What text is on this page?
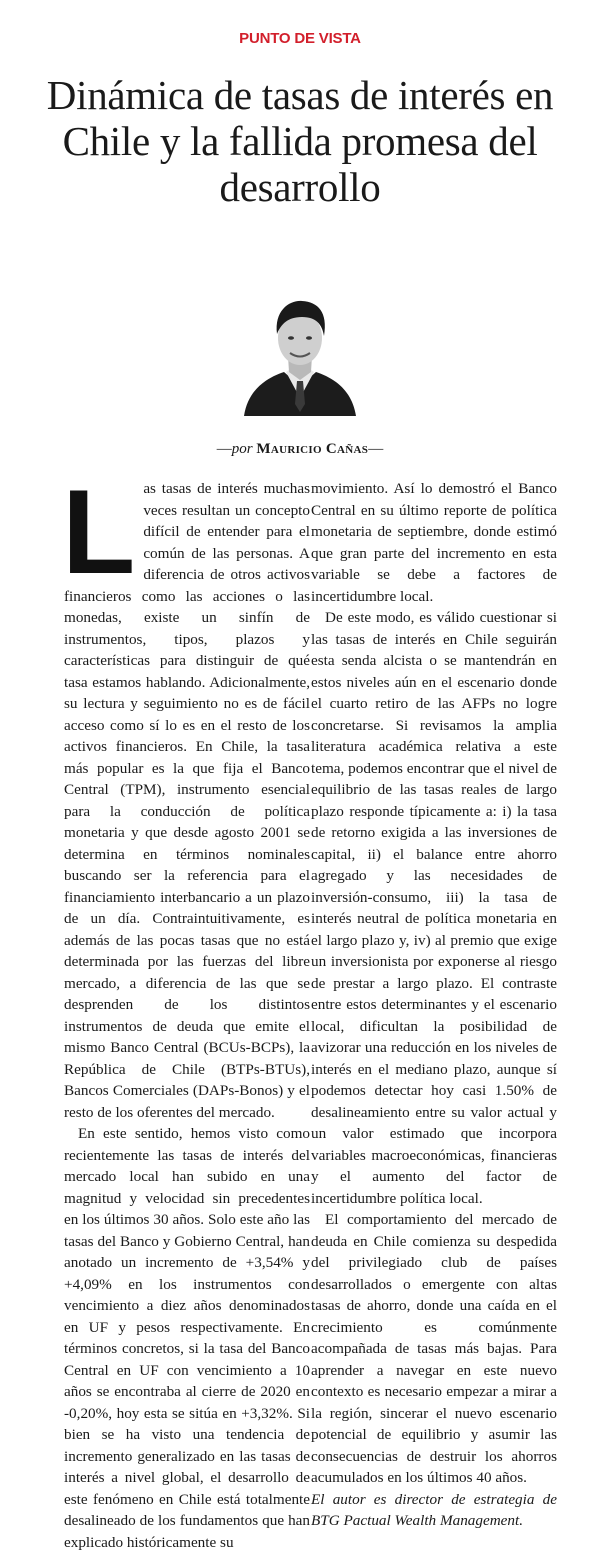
PUNTO DE VISTA
Dinámica de tasas de interés en Chile y la fallida promesa del desarrollo
—por Mauricio Cañas—

Las tasas de interés muchas veces resultan un concepto difícil de entender para el común de las personas. A diferencia de otros activos financieros como las acciones o las monedas, existe un sinfín de instrumentos, tipos, plazos y características para distinguir de qué tasa estamos hablando. Adicionalmente, su lectura y seguimiento no es de fácil acceso como sí lo es en el resto de los activos financieros. En Chile, la tasa más popular es la que fija el Banco Central (TPM), instrumento esencial para la conducción de política monetaria y que desde agosto 2001 se determina en términos nominales buscando ser la referencia para el financiamiento interbancario a un plazo de un día. Contraintuitivamente, es además de las pocas tasas que no está determinada por las fuerzas del libre mercado, a diferencia de las que se desprenden de los distintos instrumentos de deuda que emite el mismo Banco Central (BCUs-BCPs), la República de Chile (BTPs-BTUs), Bancos Comerciales (DAPs-Bonos) y el resto de los oferentes del mercado.

En este sentido, hemos visto como recientemente las tasas de interés del mercado local han subido en una magnitud y velocidad sin precedentes en los últimos 30 años. Solo este año las tasas del Banco y Gobierno Central, han anotado un incremento de +3,54% y +4,09% en los instrumentos con vencimiento a diez años denominados en UF y pesos respectivamente. En términos concretos, si la tasa del Banco Central en UF con vencimiento a 10 años se encontraba al cierre de 2020 en -0,20%, hoy esta se sitúa en +3,32%. Si bien se ha visto una tendencia de incremento generalizado en las tasas de interés a nivel global, el desarrollo de este fenómeno en Chile está totalmente desalineado de los fundamentos que han explicado históricamente su

movimiento. Así lo demostró el Banco Central en su último reporte de política monetaria de septiembre, donde estimó que gran parte del incremento en esta variable se debe a factores de incertidumbre local.

De este modo, es válido cuestionar si las tasas de interés en Chile seguirán esta senda alcista o se mantendrán en estos niveles aún en el escenario donde el cuarto retiro de las AFPs no logre concretarse. Si revisamos la amplia literatura académica relativa a este tema, podemos encontrar que el nivel de equilibrio de las tasas reales de largo plazo responde típicamente a: i) la tasa de retorno exigida a las inversiones de capital, ii) el balance entre ahorro agregado y las necesidades de inversión-consumo, iii) la tasa de interés neutral de política monetaria en el largo plazo y, iv) al premio que exige un inversionista por exponerse al riesgo de prestar a largo plazo. El contraste entre estos determinantes y el escenario local, dificultan la posibilidad de avizorar una reducción en los niveles de interés en el mediano plazo, aunque sí podemos detectar hoy casi 1.50% de desalineamiento entre su valor actual y un valor estimado que incorpora variables macroeconómicas, financieras y el aumento del factor de incertidumbre política local.

El comportamiento del mercado de deuda en Chile comienza su despedida del privilegiado club de países desarrollados o emergente con altas tasas de ahorro, donde una caída en el crecimiento es comúnmente acompañada de tasas más bajas. Para aprender a navegar en este nuevo contexto es necesario empezar a mirar a la región, sincerar el nuevo escenario potencial de equilibrio y asumir las consecuencias de destruir los ahorros acumulados en los últimos 40 años.

El autor es director de estrategia de BTG Pactual Wealth Management.
